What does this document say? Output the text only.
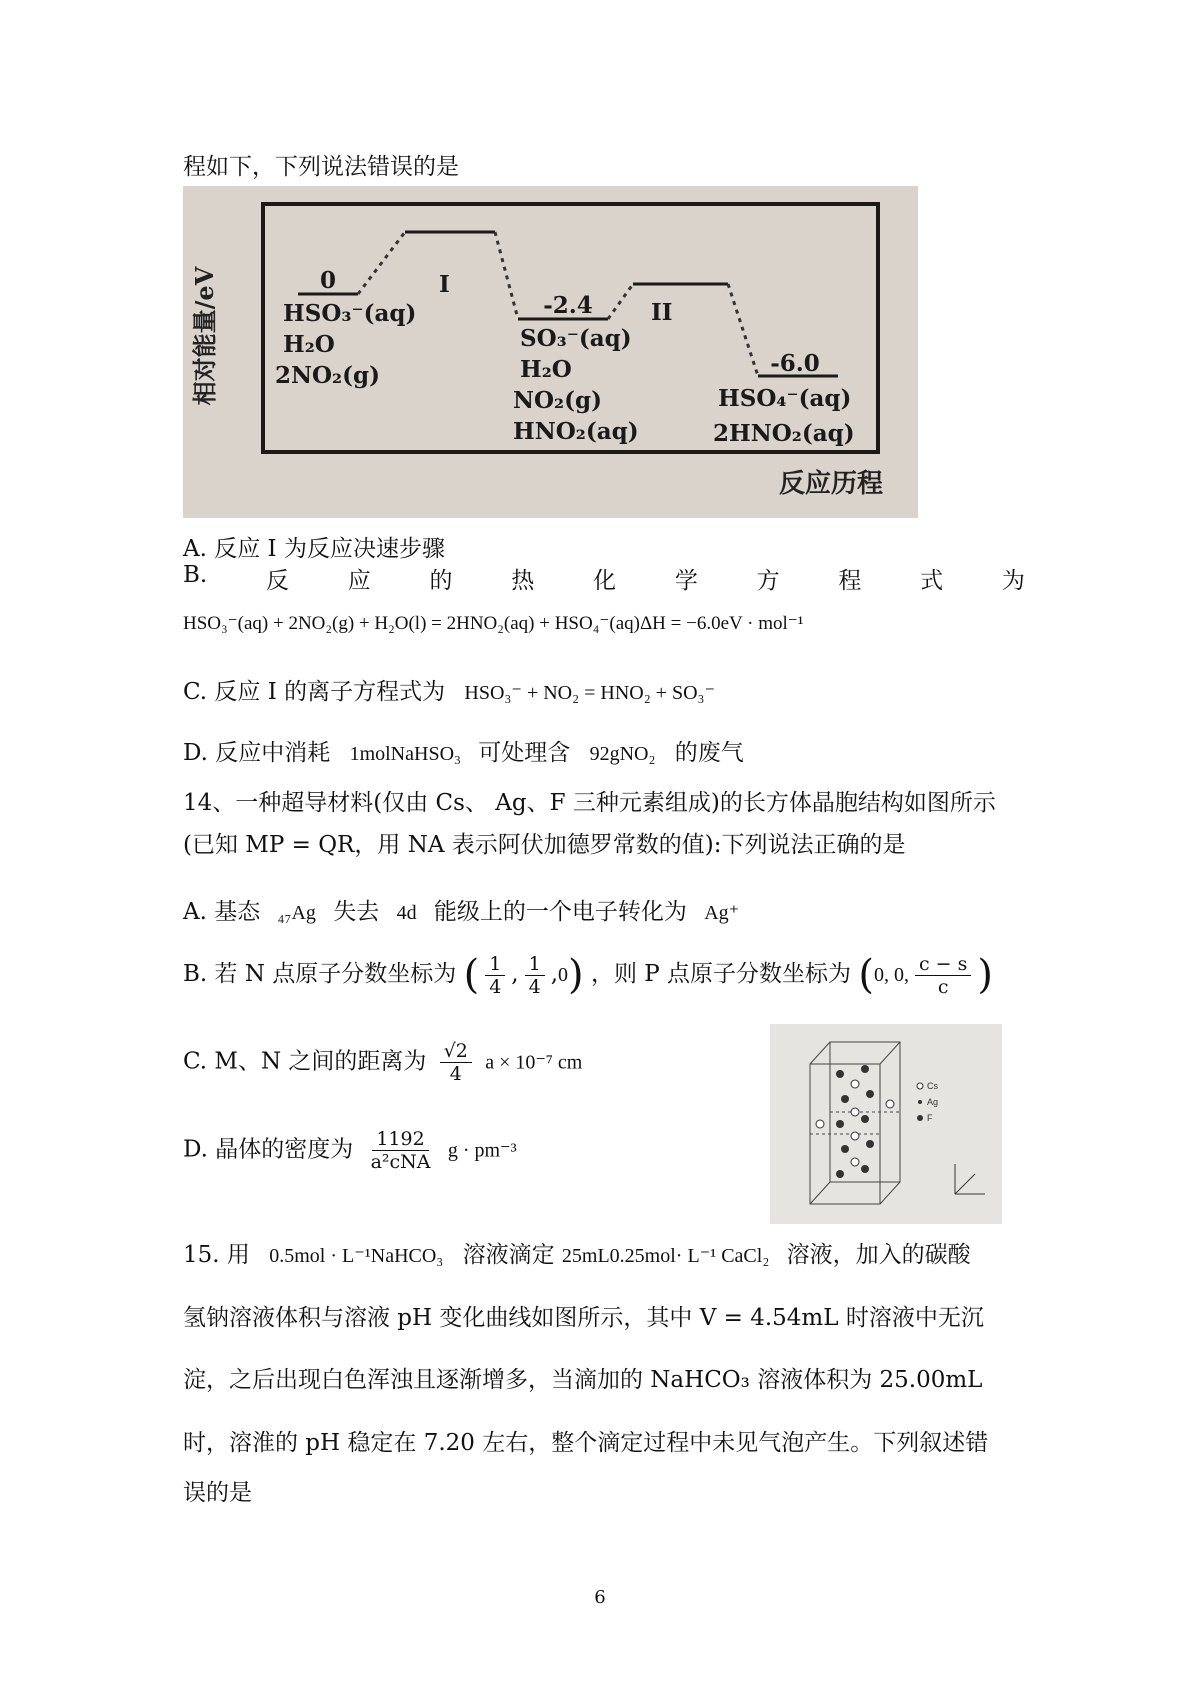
程如下，下列说法错误的是
相对能量/eV
反应历程
0	I
HSO₃⁻(aq)
H₂O
2NO₂(g)
-2.4	II
SO₃⁻(aq)
H₂O
NO₂(g)
HNO₂(aq)
-6.0
HSO₄⁻(aq)
2HNO₂(aq)
A. 反应 I 为反应决速步骤
B.	反	应	的	热	化	学	方	程	式	为
HSO₃⁻(aq) + 2NO₂(g) + H₂O(l) = 2HNO₂(aq) + HSO₄⁻(aq)ΔH = −6.0eV · mol⁻¹
C. 反应 I 的离子方程式为 HSO₃⁻ + NO₂ = HNO₂ + SO₃⁻
D. 反应中消耗 1molNaHSO₃ 可处理含 92gNO₂ 的废气
14、一种超导材料(仅由 Cs、 Ag、F 三种元素组成)的长方体晶胞结构如图所示
(已知 MP = QR，用 NA 表示阿伏加德罗常数的值):下列说法正确的是
A. 基态 ₄₇Ag 失去 4d 能级上的一个电子转化为 Ag⁺
B. 若 N 点原子分数坐标为 ( $\frac{1}{4}$ , $\frac{1}{4} ,0$) ，则 P 点原子分数坐标为 (0, 0, $\frac{c - s}{c}$ )
C. M、N 之间的距离为 $\frac{√2}{4}$ a × 10⁻⁷ cm
D. 晶体的密度为 $\frac{1192}{\text{a²cNA}}$ g · pm⁻³
Cs
Ag
F
15. 用 0.5mol · L⁻¹NaHCO₃ 溶液滴定 25mL0.25mol· L⁻¹ CaCl₂ 溶液，加入的碳酸
氢钠溶液体积与溶液 pH 变化曲线如图所示，其中 V = 4.54mL 时溶液中无沉
淀，之后出现白色浑浊且逐渐增多，当滴加的 NaHCO₃ 溶液体积为 25.00mL
时，溶淮的 pH 稳定在 7.20 左右，整个滴定过程中未见气泡产生。下列叙述错
误的是
6
